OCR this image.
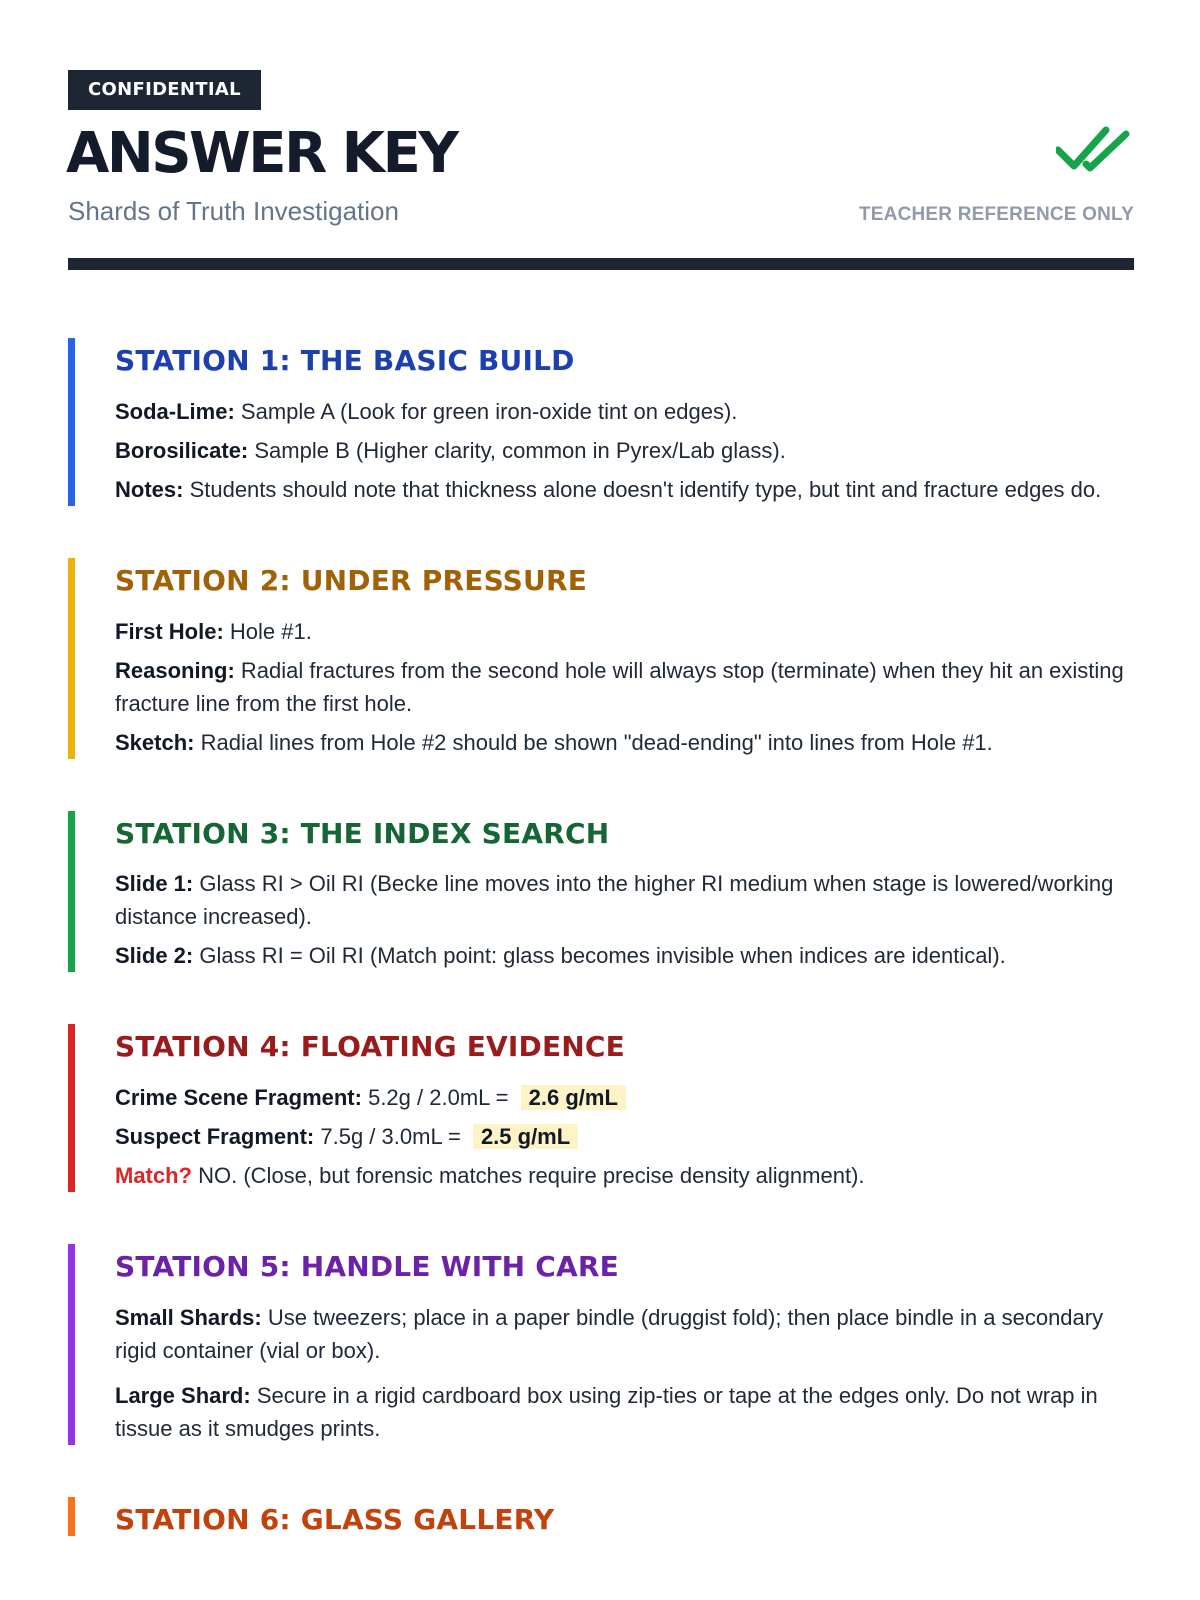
CONFIDENTIAL
ANSWER KEY
Shards of Truth Investigation	TEACHER REFERENCE ONLY
STATION 1: THE BASIC BUILD

Soda-Lime: Sample A (Look for green iron-oxide tint on edges).

Borosilicate: Sample B (Higher clarity, common in Pyrex/Lab glass).

Notes: Students should note that thickness alone doesn't identify type, but tint and fracture edges do.

STATION 2: UNDER PRESSURE

First Hole: Hole #1.

Reasoning: Radial fractures from the second hole will always stop (terminate) when they hit an existing fracture line from the first hole.

Sketch: Radial lines from Hole #2 should be shown "dead-ending" into lines from Hole #1.

STATION 3: THE INDEX SEARCH

Slide 1: Glass RI > Oil RI (Becke line moves into the higher RI medium when stage is lowered/working distance increased).

Slide 2: Glass RI = Oil RI (Match point: glass becomes invisible when indices are identical).

STATION 4: FLOATING EVIDENCE

Crime Scene Fragment: 5.2g / 2.0mL = 2.6 g/mL

Suspect Fragment: 7.5g / 3.0mL = 2.5 g/mL

Match? NO. (Close, but forensic matches require precise density alignment).

STATION 5: HANDLE WITH CARE

Small Shards: Use tweezers; place in a paper bindle (druggist fold); then place bindle in a secondary rigid container (vial or box).

Large Shard: Secure in a rigid cardboard box using zip-ties or tape at the edges only. Do not wrap in tissue as it smudges prints.

STATION 6: GLASS GALLERY
